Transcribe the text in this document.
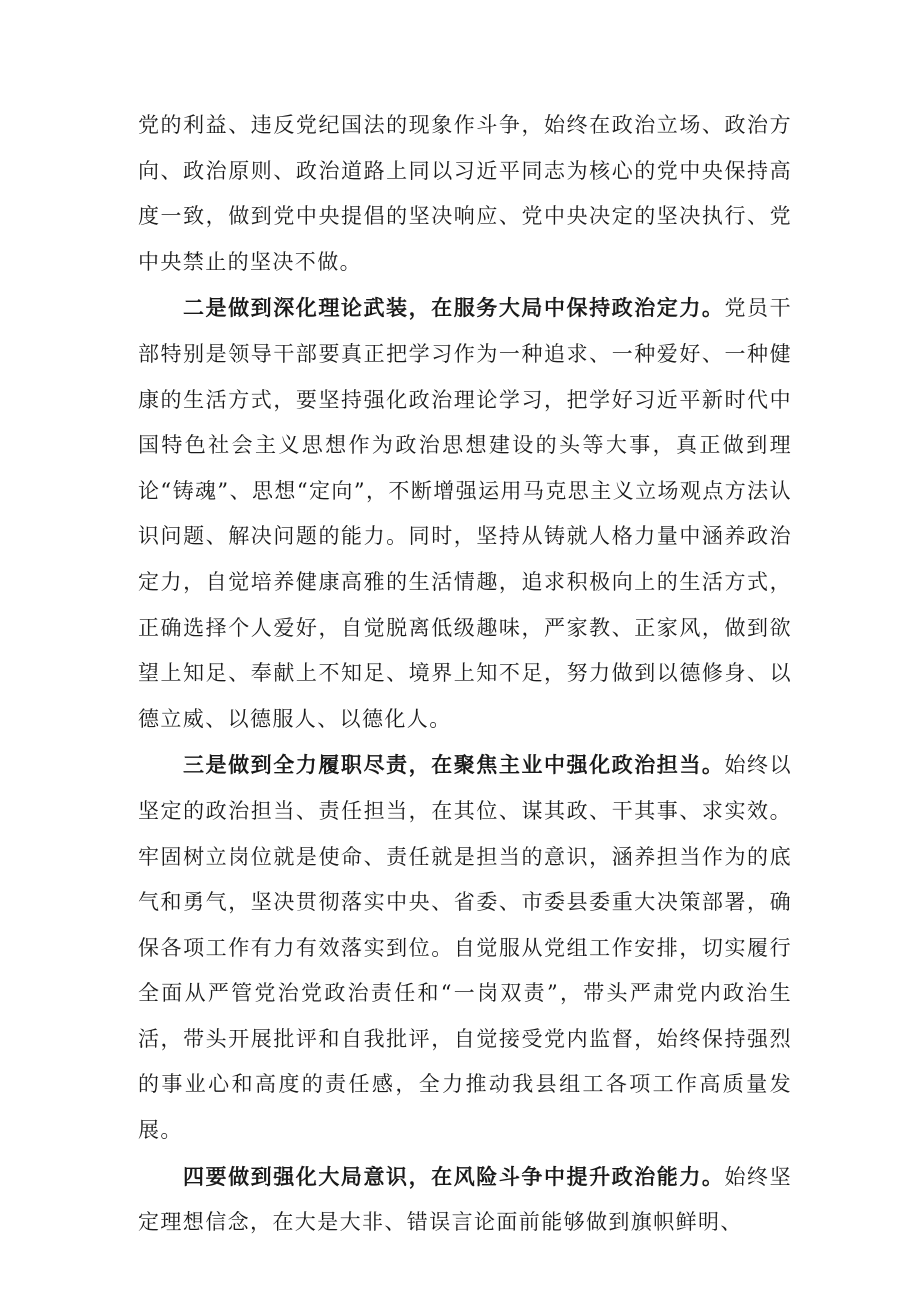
党的利益、违反党纪国法的现象作斗争，始终在政治立场、政治方向、政治原则、政治道路上同以习近平同志为核心的党中央保持高度一致，做到党中央提倡的坚决响应、党中央决定的坚决执行、党中央禁止的坚决不做。

二是做到深化理论武装，在服务大局中保持政治定力。党员干部特别是领导干部要真正把学习作为一种追求、一种爱好、一种健康的生活方式，要坚持强化政治理论学习，把学好习近平新时代中国特色社会主义思想作为政治思想建设的头等大事，真正做到理论“铸魂”、思想“定向”，不断增强运用马克思主义立场观点方法认识问题、解决问题的能力。同时，坚持从铸就人格力量中涵养政治定力，自觉培养健康高雅的生活情趣，追求积极向上的生活方式，正确选择个人爱好，自觉脱离低级趣味，严家教、正家风，做到欲望上知足、奉献上不知足、境界上知不足，努力做到以德修身、以德立威、以德服人、以德化人。

三是做到全力履职尽责，在聚焦主业中强化政治担当。始终以坚定的政治担当、责任担当，在其位、谋其政、干其事、求实效。牢固树立岗位就是使命、责任就是担当的意识，涵养担当作为的底气和勇气，坚决贯彻落实中央、省委、市委县委重大决策部署，确保各项工作有力有效落实到位。自觉服从党组工作安排，切实履行全面从严管党治党政治责任和“一岗双责”，带头严肃党内政治生活，带头开展批评和自我批评，自觉接受党内监督，始终保持强烈的事业心和高度的责任感，全力推动我县组工各项工作高质量发展。

四要做到强化大局意识，在风险斗争中提升政治能力。始终坚定理想信念，在大是大非、错误言论面前能够做到旗帜鲜明、
